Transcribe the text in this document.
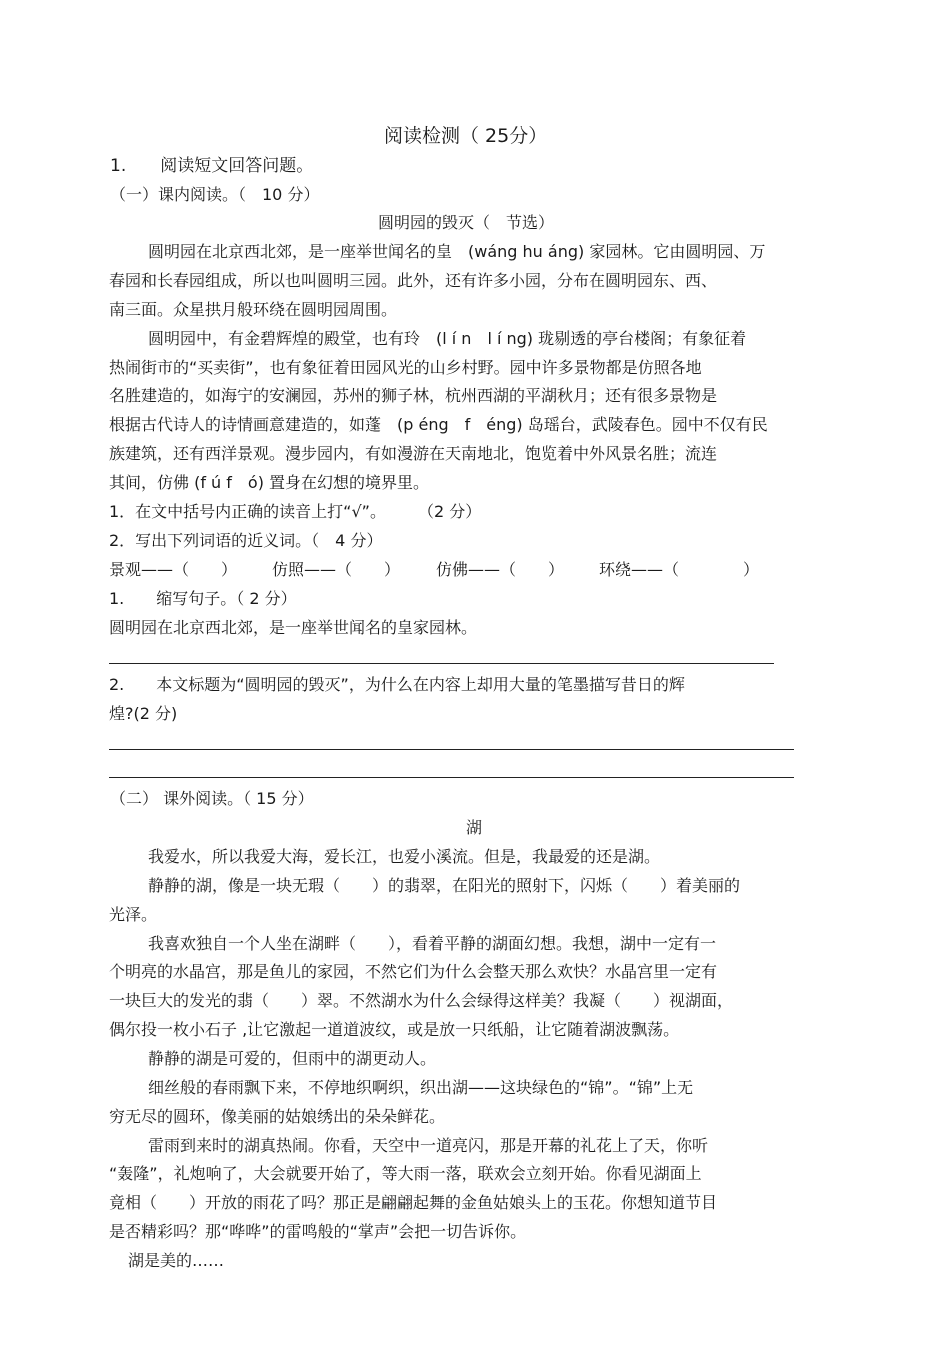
阅读检测（ 25分）
1.　　阅读短文回答问题。
（一）课内阅读。（　10 分）
圆明园的毁灭（　节选）
圆明园在北京西北郊，是一座举世闻名的皇　(wáng hu áng) 家园林。它由圆明园、万
春园和长春园组成，所以也叫圆明三园。此外，还有许多小园，分布在圆明园东、西、
南三面。众星拱月般环绕在圆明园周围。
圆明园中，有金碧辉煌的殿堂，也有玲　(l í n　l í ng) 珑剔透的亭台楼阁；有象征着
热闹街市的“买卖街”，也有象征着田园风光的山乡村野。园中许多景物都是仿照各地
名胜建造的，如海宁的安澜园，苏州的狮子林，杭州西湖的平湖秋月；还有很多景物是
根据古代诗人的诗情画意建造的，如蓬　(p éng　f　éng) 岛瑶台，武陵春色。园中不仅有民
族建筑，还有西洋景观。漫步园内，有如漫游在天南地北，饱览着中外风景名胜；流连
其间，仿佛 (f ú f　ó) 置身在幻想的境界里。
1．在文中括号内正确的读音上打“√”。　　　（2 分）
2．写出下列词语的近义词。（　4 分）
景观——（　　） 仿照——（　　） 仿佛——（　　） 环绕——（　　　　）
1.　　缩写句子。（ 2 分）
圆明园在北京西北郊，是一座举世闻名的皇家园林。
2.　　本文标题为“圆明园的毁灭”，为什么在内容上却用大量的笔墨描写昔日的辉
煌?(2 分)
（二） 课外阅读。（ 15 分）
湖
我爱水，所以我爱大海，爱长江，也爱小溪流。但是，我最爱的还是湖。
静静的湖，像是一块无瑕（　　）的翡翠，在阳光的照射下，闪烁（　　）着美丽的
光泽。
我喜欢独自一个人坐在湖畔（　　），看着平静的湖面幻想。我想，湖中一定有一
个明亮的水晶宫，那是鱼儿的家园，不然它们为什么会整天那么欢快？水晶宫里一定有
一块巨大的发光的翡（　　）翠。不然湖水为什么会绿得这样美？我凝（　　）视湖面，
偶尔投一枚小石子 ,让它激起一道道波纹，或是放一只纸船，让它随着湖波飘荡。
静静的湖是可爱的，但雨中的湖更动人。
细丝般的春雨飘下来，不停地织啊织，织出湖——这块绿色的“锦”。“锦”上无
穷无尽的圆环，像美丽的姑娘绣出的朵朵鲜花。
雷雨到来时的湖真热闹。你看，天空中一道亮闪，那是开幕的礼花上了天，你听
“轰隆”，礼炮响了，大会就要开始了，等大雨一落，联欢会立刻开始。你看见湖面上
竟相（　　）开放的雨花了吗？那正是翩翩起舞的金鱼姑娘头上的玉花。你想知道节目
是否精彩吗？那“哗哗”的雷鸣般的“掌声”会把一切告诉你。
湖是美的……
